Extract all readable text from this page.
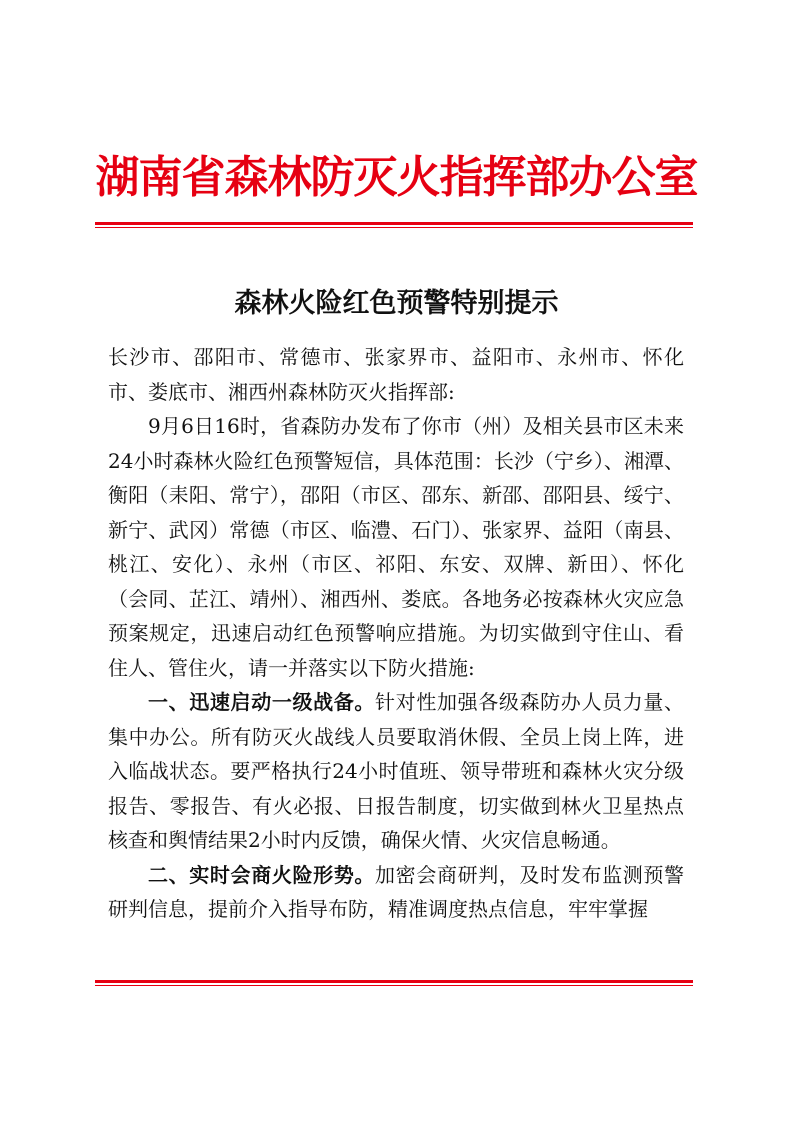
湖南省森林防灭火指挥部办公室
森林火险红色预警特别提示

长沙市、邵阳市、常德市、张家界市、益阳市、永州市、怀化市、娄底市、湘西州森林防灭火指挥部:

9月6日16时，省森防办发布了你市（州）及相关县市区未来24小时森林火险红色预警短信，具体范围：长沙（宁乡）、湘潭、衡阳（耒阳、常宁），邵阳（市区、邵东、新邵、邵阳县、绥宁、新宁、武冈）常德（市区、临澧、石门）、张家界、益阳（南县、桃江、安化）、永州（市区、祁阳、东安、双牌、新田）、怀化（会同、芷江、靖州）、湘西州、娄底。各地务必按森林火灾应急预案规定，迅速启动红色预警响应措施。为切实做到守住山、看住人、管住火，请一并落实以下防火措施:

一、迅速启动一级战备。针对性加强各级森防办人员力量、集中办公。所有防灭火战线人员要取消休假、全员上岗上阵，进入临战状态。要严格执行24小时值班、领导带班和森林火灾分级报告、零报告、有火必报、日报告制度，切实做到林火卫星热点核查和舆情结果2小时内反馈，确保火情、火灾信息畅通。

二、实时会商火险形势。加密会商研判，及时发布监测预警研判信息，提前介入指导布防，精准调度热点信息，牢牢掌握
